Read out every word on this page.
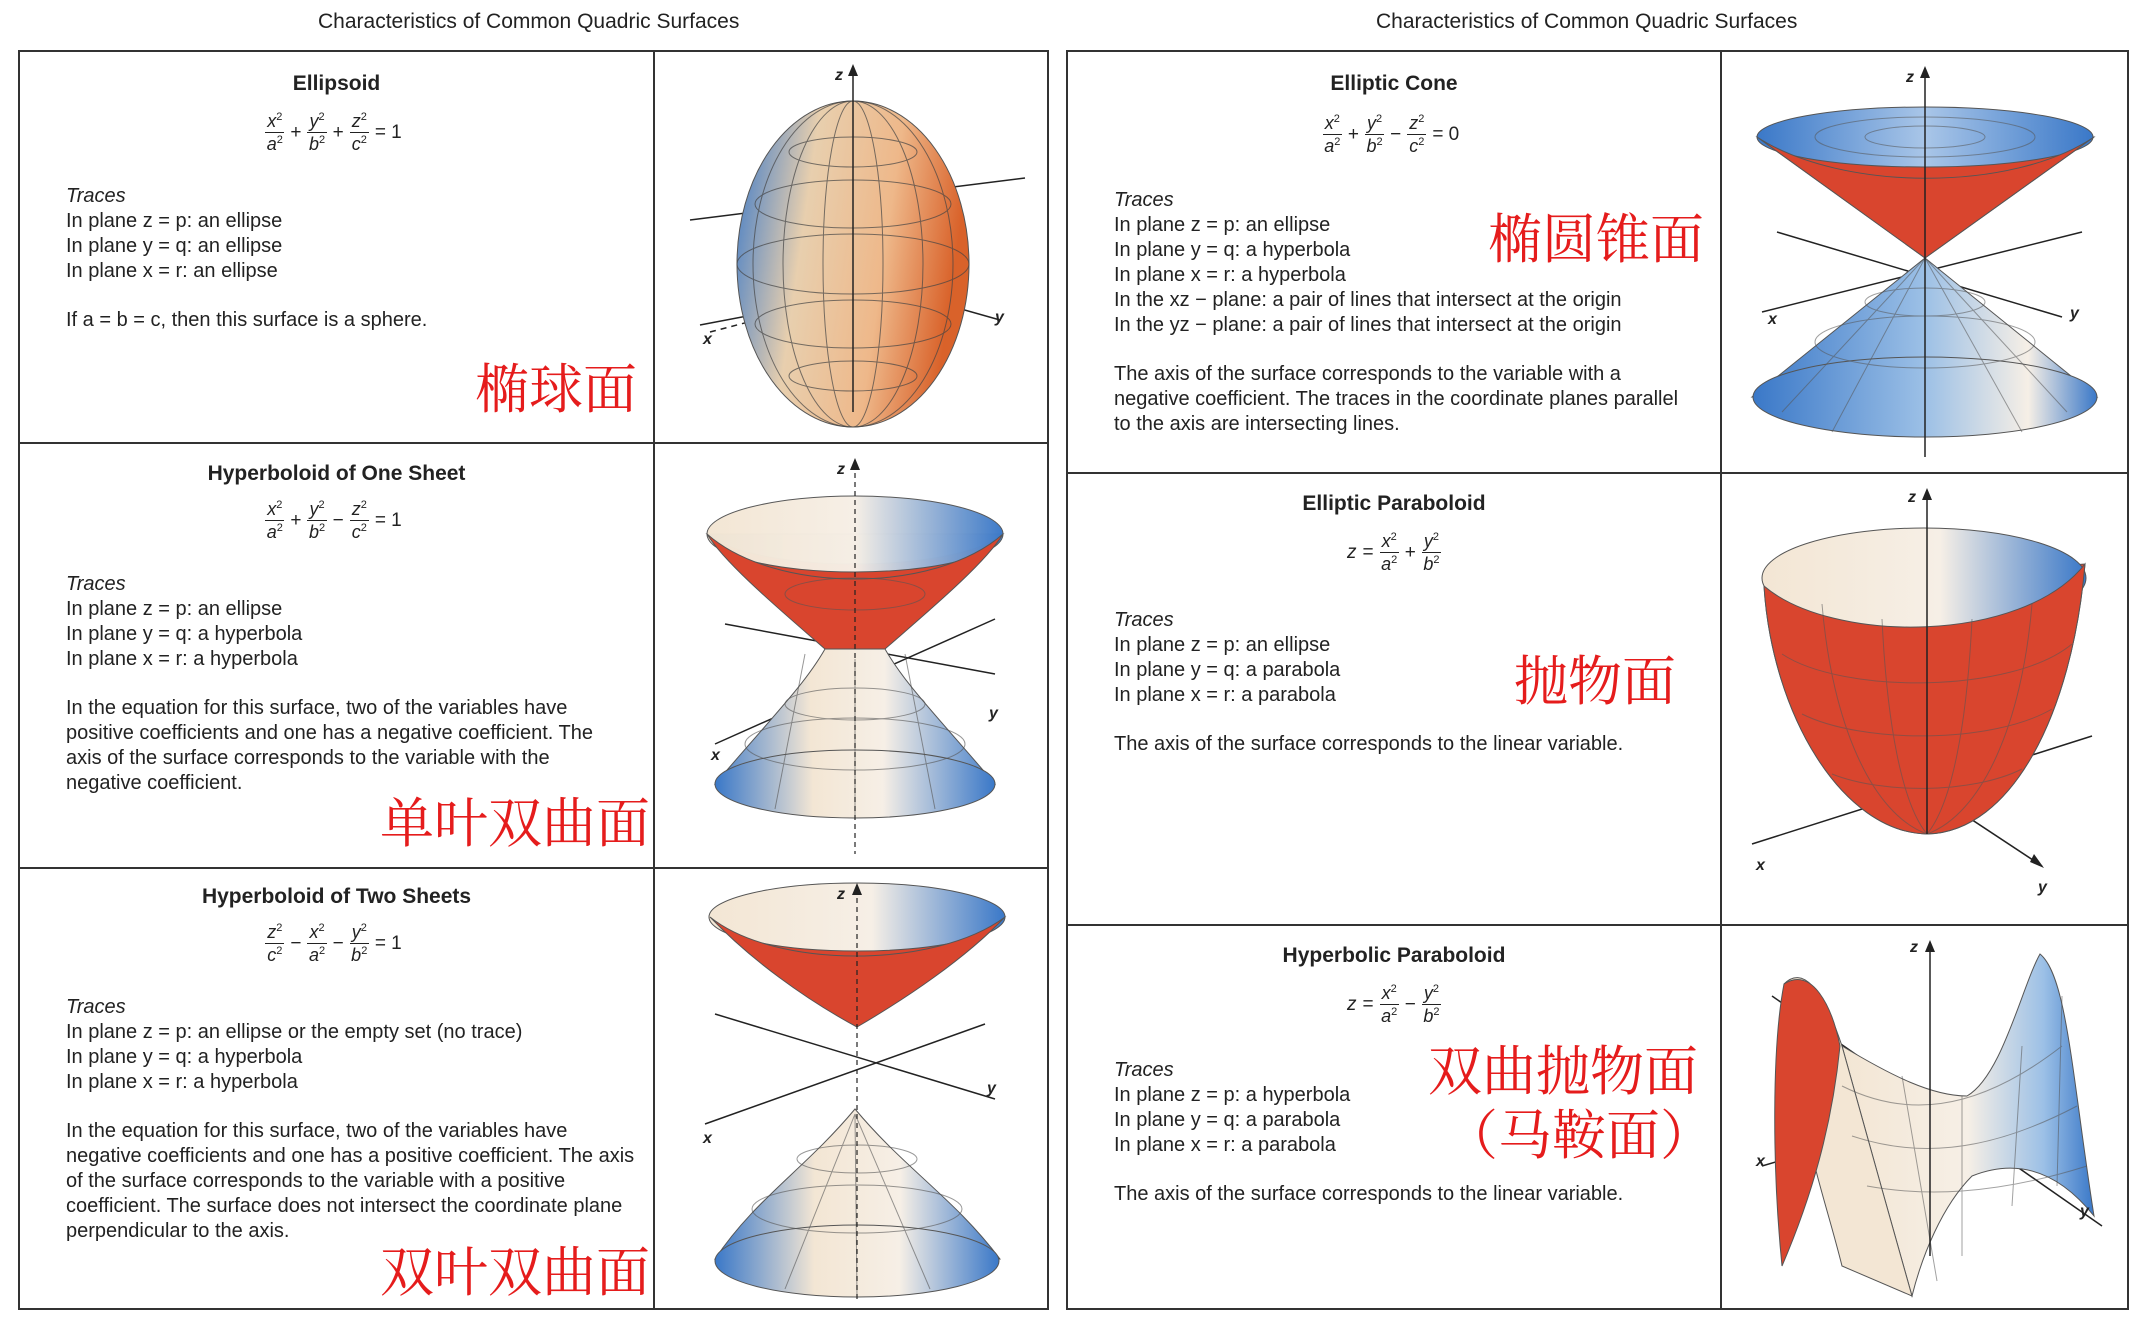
Characteristics of Common Quadric Surfaces	Characteristics of Common Quadric Surfaces
Ellipsoid
$\frac{x^2}{a^2} + \frac{y^2}{b^2} + \frac{z^2}{c^2} = 1$

Traces

In plane z = p: an ellipse

In plane y = q: an ellipse

In plane x = r: an ellipse

If a = b = c, then this surface is a sphere.

椭球面
z
x
y
Hyperboloid of One Sheet
$\frac{x^2}{a^2} + \frac{y^2}{b^2} - \frac{z^2}{c^2} = 1$

Traces

In plane z = p: an ellipse

In plane y = q: a hyperbola

In plane x = r: a hyperbola

In the equation for this surface, two of the variables have positive coefficients and one has a negative coefficient. The axis of the surface corresponds to the variable with the negative coefficient.

单叶双曲面
z
x
y
Hyperboloid of Two Sheets
$\frac{z^2}{c^2} - \frac{x^2}{a^2} - \frac{y^2}{b^2} = 1$

Traces

In plane z = p: an ellipse or the empty set (no trace)

In plane y = q: a hyperbola

In plane x = r: a hyperbola

In the equation for this surface, two of the variables have negative coefficients and one has a positive coefficient. The axis of the surface corresponds to the variable with a positive coefficient. The surface does not intersect the coordinate plane perpendicular to the axis.

双叶双曲面
z
x
y
Elliptic Cone
$\frac{x^2}{a^2} + \frac{y^2}{b^2} - \frac{z^2}{c^2} = 0$

Traces

In plane z = p: an ellipse

In plane y = q: a hyperbola

In plane x = r: a hyperbola

In the xz − plane: a pair of lines that intersect at the origin

In the yz − plane: a pair of lines that intersect at the origin

The axis of the surface corresponds to the variable with a negative coefficient. The traces in the coordinate planes parallel to the axis are intersecting lines.

椭圆锥面
z
x	y
Elliptic Paraboloid
$z = \frac{x^2}{a^2} + \frac{y^2}{b^2}$

Traces

In plane z = p: an ellipse

In plane y = q: a parabola

In plane x = r: a parabola

The axis of the surface corresponds to the linear variable.

抛物面
z
x
y
Hyperbolic Paraboloid
$z = \frac{x^2}{a^2} - \frac{y^2}{b^2}$

Traces

In plane z = p: a hyperbola

In plane y = q: a parabola

In plane x = r: a parabola

The axis of the surface corresponds to the linear variable.

双曲抛物面
（马鞍面）
z
x
y
